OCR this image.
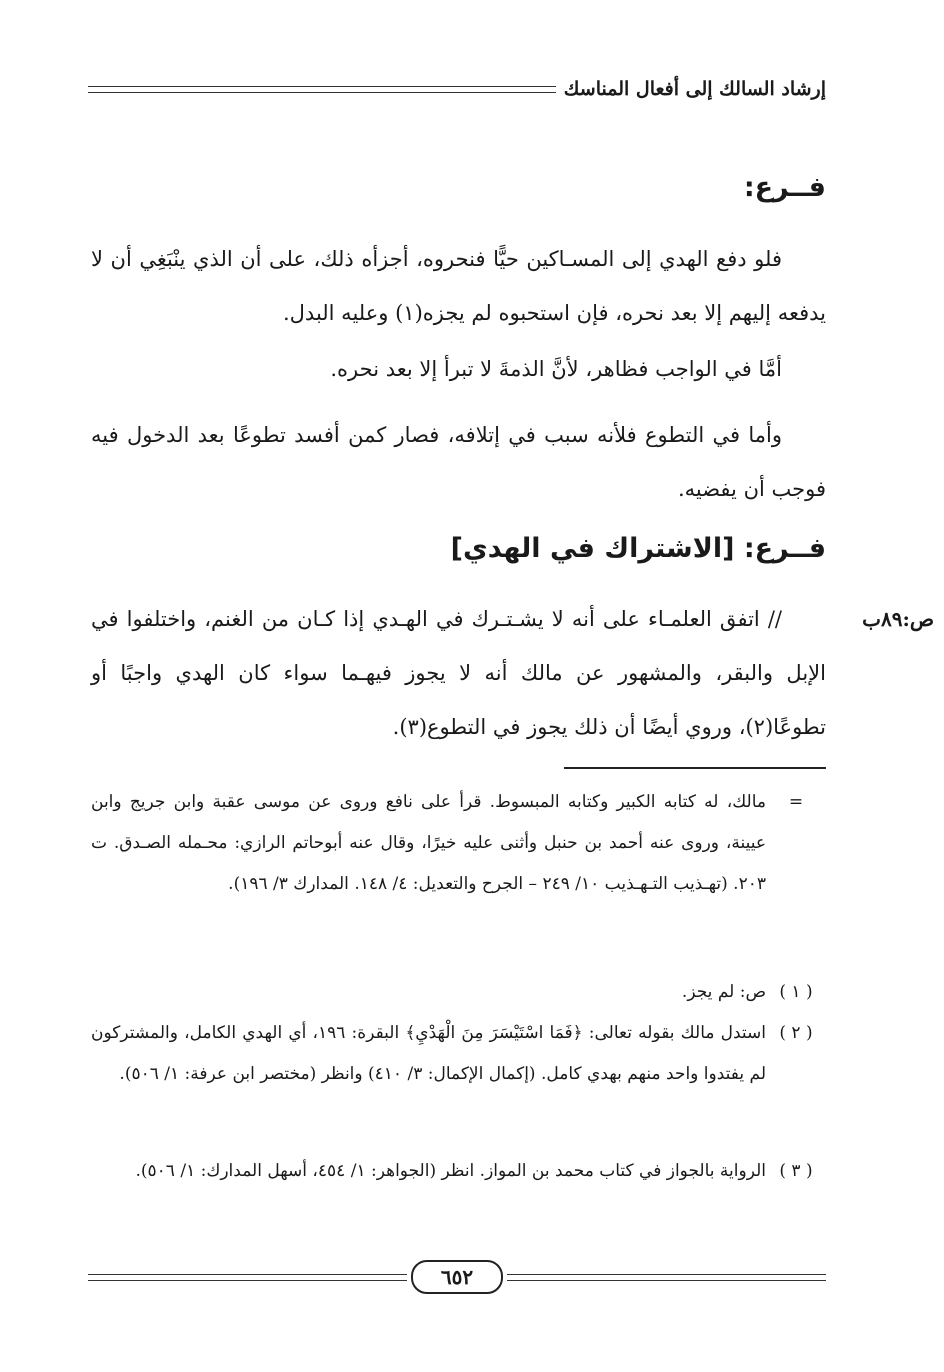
إرشاد السالك إلى أفعال المناسك
فــرع:

فلو دفع الهدي إلى المسـاكين حيًّا فنحروه، أجزأه ذلك، على أن الذي ينْبَغِي أن لا يدفعه إليهم إلا بعد نحره، فإن استحبوه لم يجزه(١) وعليه البدل.

أمَّا في الواجب فظاهر، لأنَّ الذمةَ لا تبرأ إلا بعد نحره.

وأما في التطوع فلأنه سبب في إتلافه، فصار كمن أفسد تطوعًا بعد الدخول فيه فوجب أن يفضيه.

فــرع: [الاشتراك في الهدي]
ص:٨٩ب

// اتفق العلمـاء على أنه لا يشـتـرك في الهـدي إذا كـان من الغنم، واختلفوا في الإبل والبقر، والمشهور عن مالك أنه لا يجوز فيهـما سواء كان الهدي واجبًا أو تطوعًا(٢)، وروي أيضًا أن ذلك يجوز في التطوع(٣).

=
مالك، له كتابه الكبير وكتابه المبسوط. قرأ على نافع وروى عن موسى عقبة وابن جريج وابن عيينة، وروى عنه أحمد بن حنبل وأثنى عليه خيرًا، وقال عنه أبوحاتم الرازي: محـمله الصـدق. ت ٢٠٣. (تهـذيب التـهـذيب ١٠/ ٢٤٩ – الجرح والتعديل: ٤/ ١٤٨. المدارك ٣/ ١٩٦).
( ١ )
ص: لم يجز.
( ٢ )
استدل مالك بقوله تعالى: ﴿فَمَا اسْتَيْسَرَ مِنَ الْهَدْيِ﴾ البقرة: ١٩٦، أي الهدي الكامل، والمشتركون لم يفتدوا واحد منهم بهدي كامل. (إكمال الإكمال: ٣/ ٤١٠) وانظر (مختصر ابن عرفة: ١/ ٥٠٦).
( ٣ )
الرواية بالجواز في كتاب محمد بن المواز. انظر (الجواهر: ١/ ٤٥٤، أسهل المدارك: ١/ ٥٠٦).
٦٥٢
